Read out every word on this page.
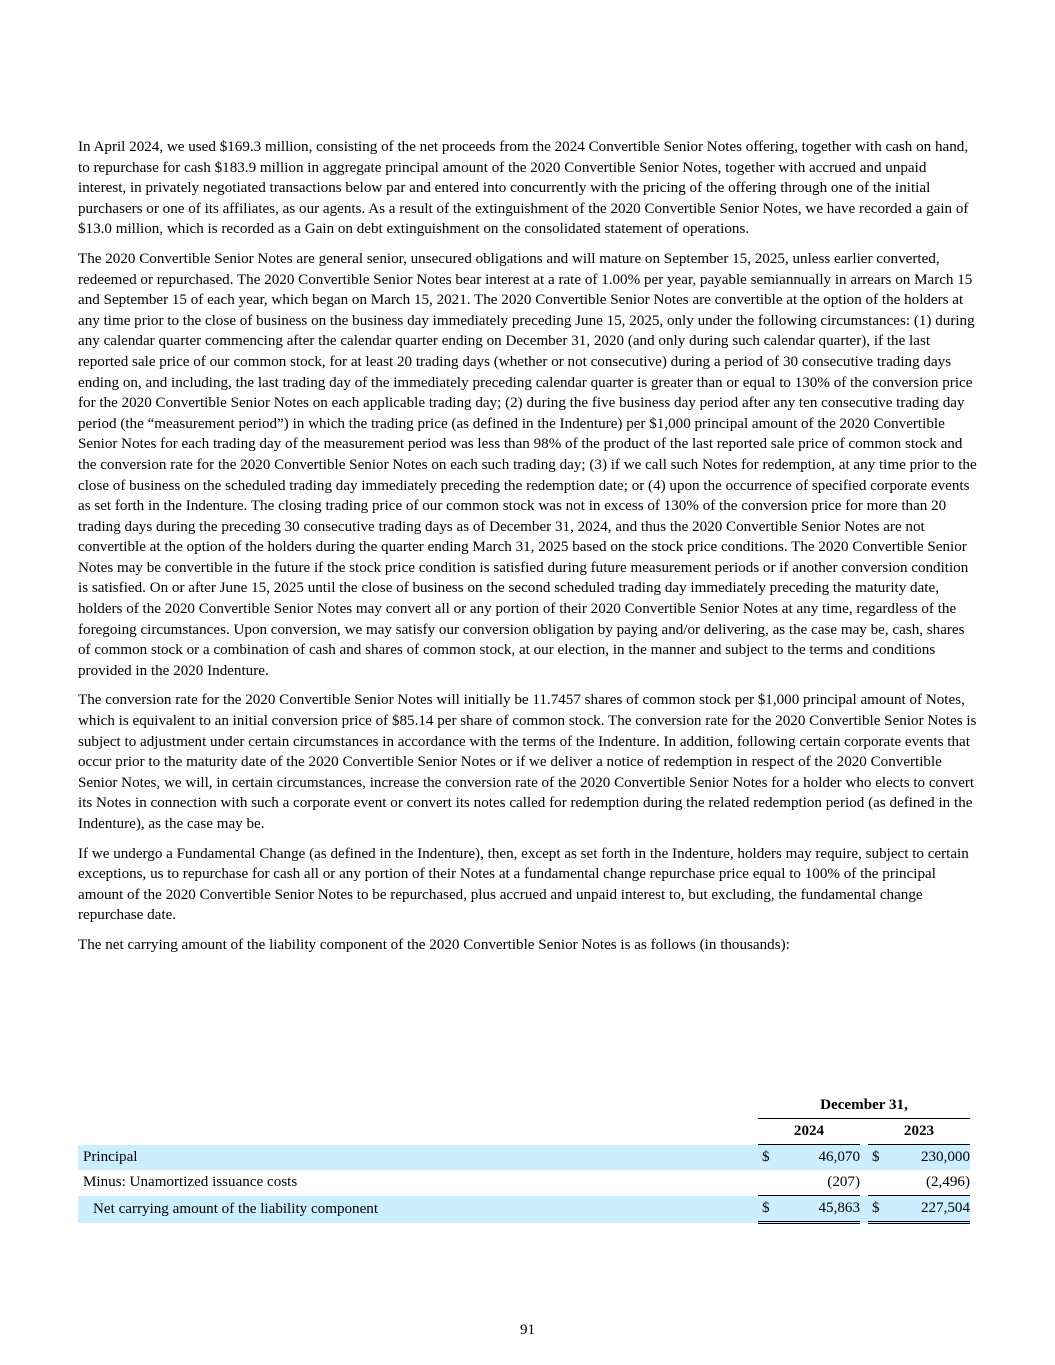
In April 2024, we used $169.3 million, consisting of the net proceeds from the 2024 Convertible Senior Notes offering, together with cash on hand, to repurchase for cash $183.9 million in aggregate principal amount of the 2020 Convertible Senior Notes, together with accrued and unpaid interest, in privately negotiated transactions below par and entered into concurrently with the pricing of the offering through one of the initial purchasers or one of its affiliates, as our agents. As a result of the extinguishment of the 2020 Convertible Senior Notes, we have recorded a gain of $13.0 million, which is recorded as a Gain on debt extinguishment on the consolidated statement of operations.

The 2020 Convertible Senior Notes are general senior, unsecured obligations and will mature on September 15, 2025, unless earlier converted, redeemed or repurchased. The 2020 Convertible Senior Notes bear interest at a rate of 1.00% per year, payable semiannually in arrears on March 15 and September 15 of each year, which began on March 15, 2021. The 2020 Convertible Senior Notes are convertible at the option of the holders at any time prior to the close of business on the business day immediately preceding June 15, 2025, only under the following circumstances: (1) during any calendar quarter commencing after the calendar quarter ending on December 31, 2020 (and only during such calendar quarter), if the last reported sale price of our common stock, for at least 20 trading days (whether or not consecutive) during a period of 30 consecutive trading days ending on, and including, the last trading day of the immediately preceding calendar quarter is greater than or equal to 130% of the conversion price for the 2020 Convertible Senior Notes on each applicable trading day; (2) during the five business day period after any ten consecutive trading day period (the “measurement period”) in which the trading price (as defined in the Indenture) per $1,000 principal amount of the 2020 Convertible Senior Notes for each trading day of the measurement period was less than 98% of the product of the last reported sale price of common stock and the conversion rate for the 2020 Convertible Senior Notes on each such trading day; (3) if we call such Notes for redemption, at any time prior to the close of business on the scheduled trading day immediately preceding the redemption date; or (4) upon the occurrence of specified corporate events as set forth in the Indenture. The closing trading price of our common stock was not in excess of 130% of the conversion price for more than 20 trading days during the preceding 30 consecutive trading days as of December 31, 2024, and thus the 2020 Convertible Senior Notes are not convertible at the option of the holders during the quarter ending March 31, 2025 based on the stock price conditions. The 2020 Convertible Senior Notes may be convertible in the future if the stock price condition is satisfied during future measurement periods or if another conversion condition is satisfied. On or after June 15, 2025 until the close of business on the second scheduled trading day immediately preceding the maturity date, holders of the 2020 Convertible Senior Notes may convert all or any portion of their 2020 Convertible Senior Notes at any time, regardless of the foregoing circumstances. Upon conversion, we may satisfy our conversion obligation by paying and/or delivering, as the case may be, cash, shares of common stock or a combination of cash and shares of common stock, at our election, in the manner and subject to the terms and conditions provided in the 2020 Indenture.

The conversion rate for the 2020 Convertible Senior Notes will initially be 11.7457 shares of common stock per $1,000 principal amount of Notes, which is equivalent to an initial conversion price of $85.14 per share of common stock. The conversion rate for the 2020 Convertible Senior Notes is subject to adjustment under certain circumstances in accordance with the terms of the Indenture. In addition, following certain corporate events that occur prior to the maturity date of the 2020 Convertible Senior Notes or if we deliver a notice of redemption in respect of the 2020 Convertible Senior Notes, we will, in certain circumstances, increase the conversion rate of the 2020 Convertible Senior Notes for a holder who elects to convert its Notes in connection with such a corporate event or convert its notes called for redemption during the related redemption period (as defined in the Indenture), as the case may be.

If we undergo a Fundamental Change (as defined in the Indenture), then, except as set forth in the Indenture, holders may require, subject to certain exceptions, us to repurchase for cash all or any portion of their Notes at a fundamental change repurchase price equal to 100% of the principal amount of the 2020 Convertible Senior Notes to be repurchased, plus accrued and unpaid interest to, but excluding, the fundamental change repurchase date.

The net carrying amount of the liability component of the 2020 Convertible Senior Notes is as follows (in thousands):

	December 31,				
	2024			2023	
Principal	$	46,070		$	230,000
Minus: Unamortized issuance costs		(207)			(2,496)
Net carrying amount of the liability component	$	45,863		$	227,504
91
